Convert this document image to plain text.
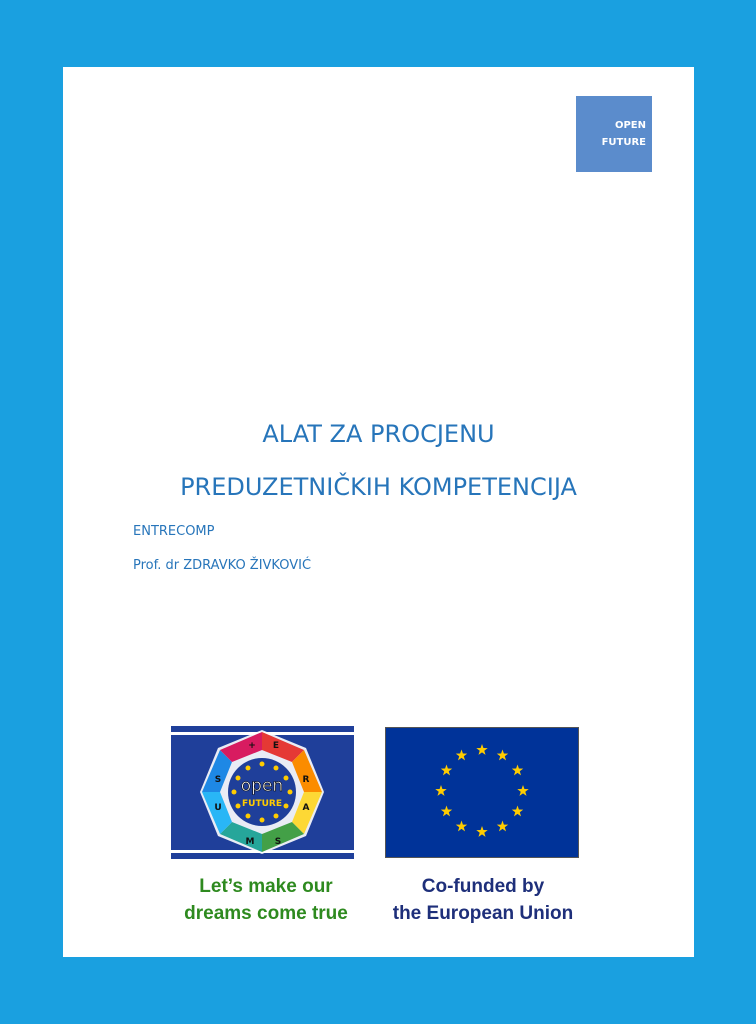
OPEN
FUTURE
ALAT ZA PROCJENU
PREDUZETNIČKIH KOMPETENCIJA
ENTRECOMP
Prof. dr ZDRAVKO ŽIVKOVIĆ
open
FUTURE
+ E
R
A
S
M
U
S
Let’s make our
dreams come true
Co-funded by
the European Union
